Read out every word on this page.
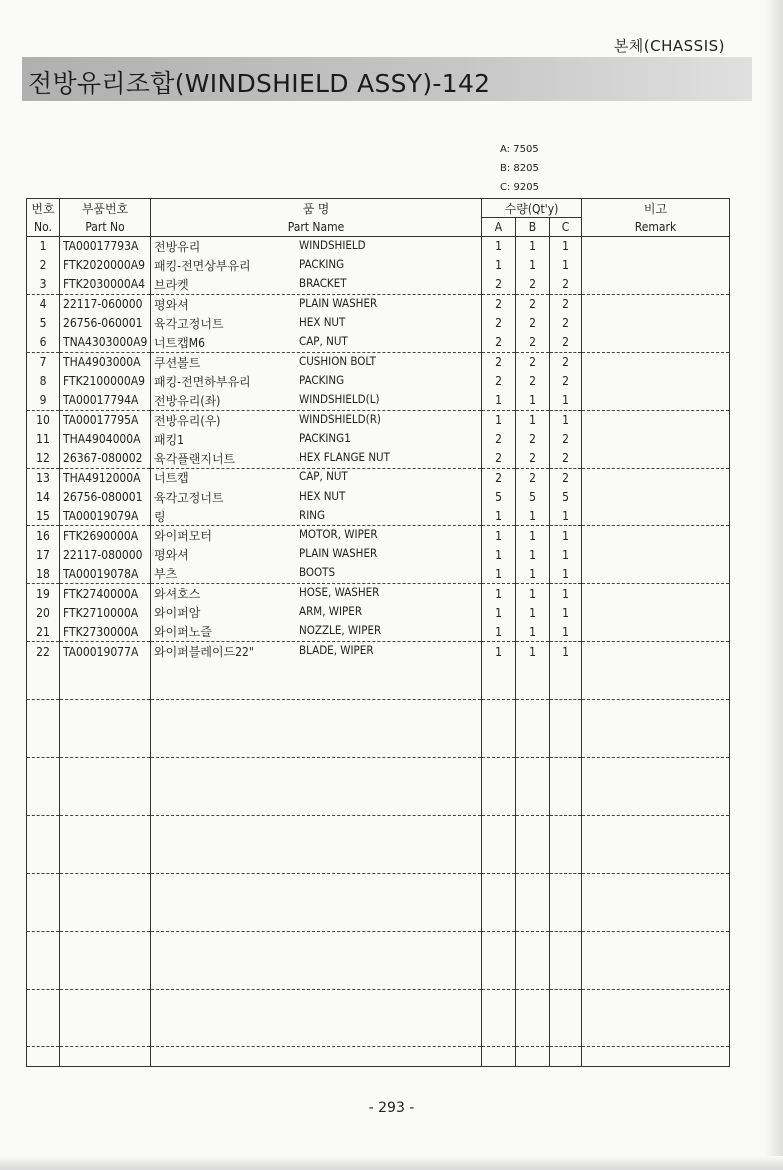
본체(CHASSIS)
전방유리조합(WINDSHIELD ASSY)-142
A: 7505
B: 8205
C: 9205
번호	부품번호	품 명	수량(Qt'y)			비고
No.	Part No	Part Name	A	B	C	Remark
1	TA00017793A	전방유리 WINDSHIELD	1	1	1	
2	FTK2020000A9	패킹-전면상부유리 PACKING	1	1	1	
3	FTK2030000A4	브라켓 BRACKET	2	2	2	
4	22117-060000	평와셔 PLAIN WASHER	2	2	2	
5	26756-060001	육각고정너트 HEX NUT	2	2	2	
6	TNA4303000A9	너트캡M6 CAP, NUT	2	2	2	
7	THA4903000A	쿠션볼트 CUSHION BOLT	2	2	2	
8	FTK2100000A9	패킹-전면하부유리 PACKING	2	2	2	
9	TA00017794A	전방유리(좌) WINDSHIELD(L)	1	1	1	
10	TA00017795A	전방유리(우) WINDSHIELD(R)	1	1	1	
11	THA4904000A	패킹1 PACKING1	2	2	2	
12	26367-080002	육각플랜지너트 HEX FLANGE NUT	2	2	2	
13	THA4912000A	너트캡 CAP, NUT	2	2	2	
14	26756-080001	육각고정너트 HEX NUT	5	5	5	
15	TA00019079A	링 RING	1	1	1	
16	FTK2690000A	와이퍼모터 MOTOR, WIPER	1	1	1	
17	22117-080000	평와셔 PLAIN WASHER	1	1	1	
18	TA00019078A	부츠 BOOTS	1	1	1	
19	FTK2740000A	와셔호스 HOSE, WASHER	1	1	1	
20	FTK2710000A	와이퍼암 ARM, WIPER	1	1	1	
21	FTK2730000A	와이퍼노즐 NOZZLE, WIPER	1	1	1	
22	TA00019077A	와이퍼블레이드22" BLADE, WIPER	1	1	1	

- 293 -
